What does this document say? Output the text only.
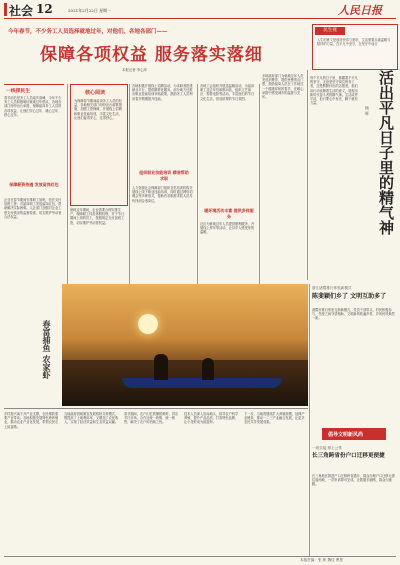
社会 12	2021年2月22日 星期一	人民日报
今年春节，不少务工人员选择就地过年，对他们，各地各部门——
保障各项权益 服务落实落细
本报记者 李心萍
民生视
人生的意义是创造快乐与美好，生活需要点滴温暖与陪伴的力量，在平凡中坚守，在坚守中前行
一线探民生
春节前后是务工人员返乡高峰，今年不少务工人员积极响应就地过年倡议。各地各部门纷纷出台举措，保障留岗务工人员的各项权益，让他们安心过年、暖心过年、舒心过年。
保障薪资待遇 发放留岗红包
企业在春节期间安排职工加班，依法支付加班工资；对留岗职工发放留岗红包，帮助解决实际困难。人社部门加强对企业工资支付情况的监督检查，切实维护劳动者合法权益。
核心阅读
为保障春节期间留岗务工人员的权益，各地相关部门纷纷出台政策措施，加强工资保障，开展线上招聘和职业技能培训，丰富文化生活，让他们留得安心、过得舒心。
就地过年期间，企业需要合理安排生产，保障职工休息休假权利，对于节日期间上岗的员工，按照规定支付加班工资，切实维护劳动者权益。
各地积极开展线上招聘活动，为求职者搭建就业平台，提供精准化服务。部分地方还推出职业技能培训补贴政策，鼓励务工人员利用春节假期提升技能。
组织职业技能培训 精准帮助求职
人力资源社会保障部门组织各类培训机构开展线上线下职业技能培训，同时通过网络招聘会等多种形式，帮助有求职需求的人员尽快找到合适岗位。
各地工会组织开展送温暖活动，为留岗职工送去年货和慰问品，组织文艺演出、观看电影等活动，丰富他们的节日文化生活，营造浓厚的节日氛围。
暖环境活动丰富 提供多样服务
社区为就地过年人员提供便利服务，开展线上拜年等活动，让异乡人感受家的温暖。
多地政府部门为就地过年人员发放消费券，提供免费景点门票，鼓励留岗人员在工作地过一个健康祥和的春节，在暖心举措中感受城市的温度与关怀。	活出平凡日子里的精气神
杨 晖
每个平凡的日子里，都藏着不平凡的坚守。无论是坚守岗位的务工者，还是默默付出的志愿者，他们用行动诠释着生活的意义，展现出新时代奋斗者的精气神。生活或许平淡，但只要心中有光，脚下就有力量。
春富捕鱼 农家虾
浙江诸暨推行体验新模式
陈斐颖们乡了 文明互助多了
诸暨市推行邻里互助新模式，党员干部带头，村民积极参与，邻里之间守望相助，文明新风吹遍乡村，乡风民风焕然一新。
倡导文明新风尚
一纸交接 照上公堂
长三角跨省份户口迁移更便捷
长三角地区推进户口迁移跨省通办，群众办理户口迁移无需往返两地，一次申请即可完成，让数据多跑路、群众少跑腿。
乡村振兴离不开产业支撑，农民增收需要产业带动。各地积极发展特色种养殖业，推动农业产业化发展，带领农民走上致富路。
当地政府因地制宜发展稻虾共养模式，既提高了土地利用率，又增加了农民收入，实现了经济效益和生态效益双赢。
春节期间，农户们忙着捕捞鲜虾，供应节日市场。合作社统一收购、统一销售，解决了农户的后顾之忧。
技术人员深入田间地头，指导农户科学养殖，提升产品品质，打造特色品牌，让小龙虾成为致富虾。
下一步，当地将继续扩大养殖规模，延伸产业链条，推动一二三产业融合发展，让更多农民共享发展成果。
本版责编：张 彬 魏佳 曹思
